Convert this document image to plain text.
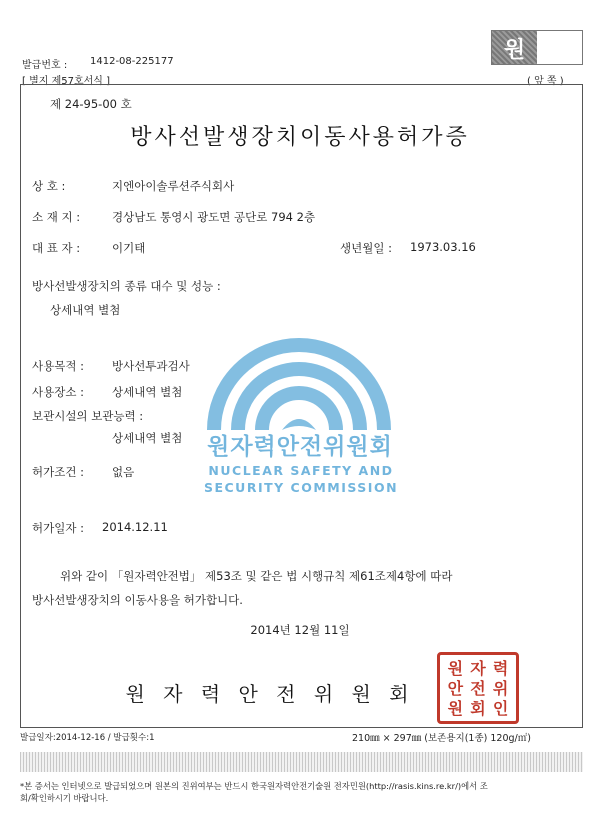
발급번호 : 1412-08-225177	원
[ 별지 제57호서식 ]	( 앞 쪽 )
원자력안전위원회
NUCLEAR SAFETY AND
SECURITY COMMISSION
제 24-95-00 호
방사선발생장치이동사용허가증
상 호 :	지엔아이솔루션주식회사
소 재 지 :	경상남도 통영시 광도면 공단로 794 2층
대 표 자 :	이기태	생년월일 : 1973.03.16
방사선발생장치의 종류 대수 및 성능 :
상세내역 별첨
사용목적 : 방사선투과검사
사용장소 : 상세내역 별첨
보관시설의 보관능력 :
상세내역 별첨
허가조건 : 없음
허가일자 : 2014.12.11
위와 같이 「원자력안전법」 제53조 및 같은 법 시행규칙 제61조제4항에 따라
방사선발생장치의 이동사용을 허가합니다.
2014년 12월 11일
원 자 력 안 전 위 원 회
원 자 력
안 전 위
원 회 인
발급일자:2014-12-16 / 발급횟수:1	210㎜ × 297㎜ (보존용지(1종) 120g/㎡)
*본 증서는 인터넷으로 발급되었으며 원본의 진위여부는 반드시 한국원자력안전기술원 전자민원(http://rasis.kins.re.kr/)에서 조
회/확인하시기 바랍니다.
